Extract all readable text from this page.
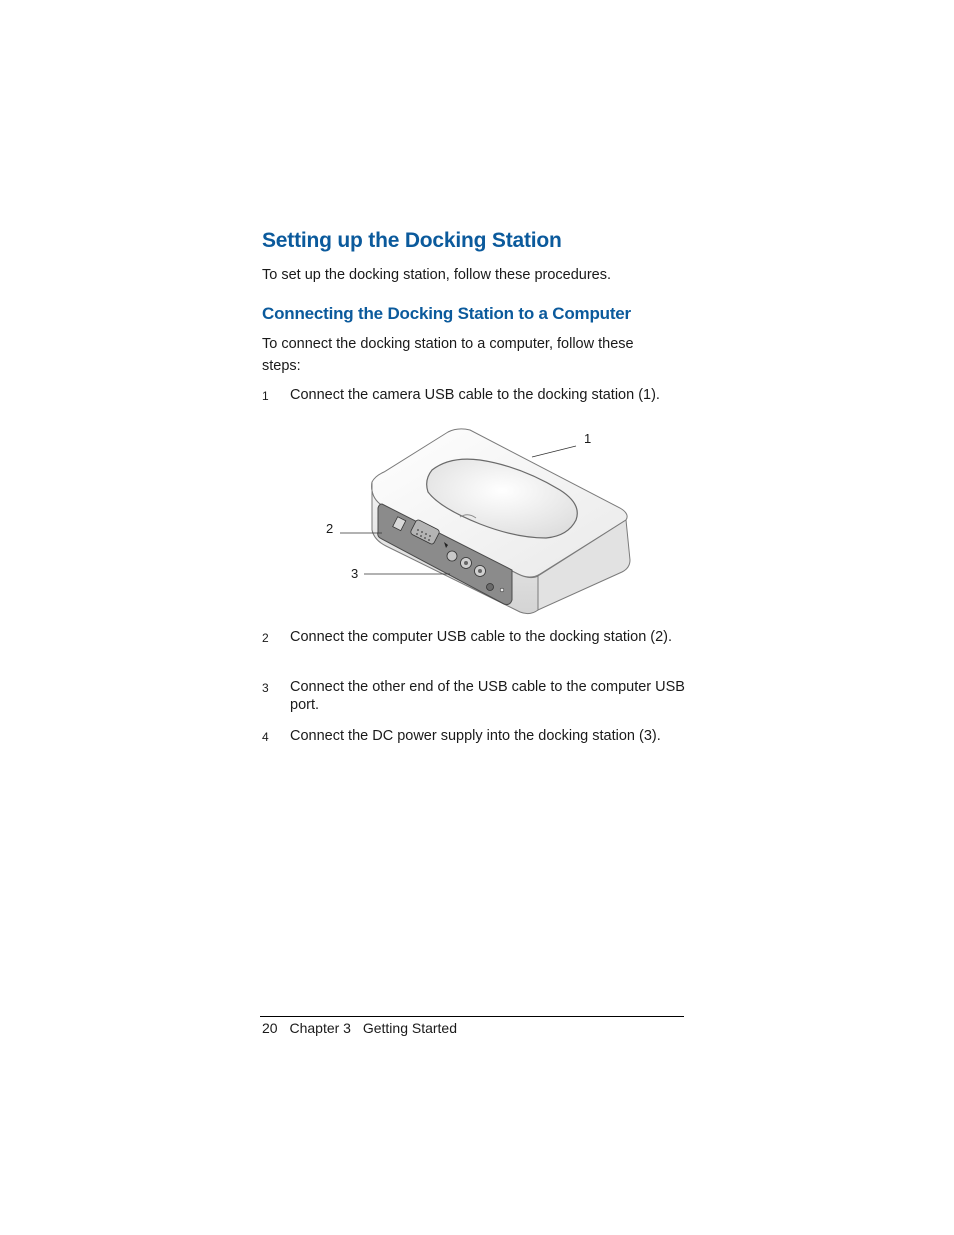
Setting up the Docking Station

To set up the docking station, follow these procedures.

Connecting the Docking Station to a Computer

To connect the docking station to a computer, follow these

steps:

1 Connect the camera USB cable to the docking station (1).
1
2
3
2 Connect the computer USB cable to the docking station (2).
3 Connect the other end of the USB cable to the computer USB port.
4 Connect the DC power supply into the docking station (3).
20 Chapter 3 Getting Started
